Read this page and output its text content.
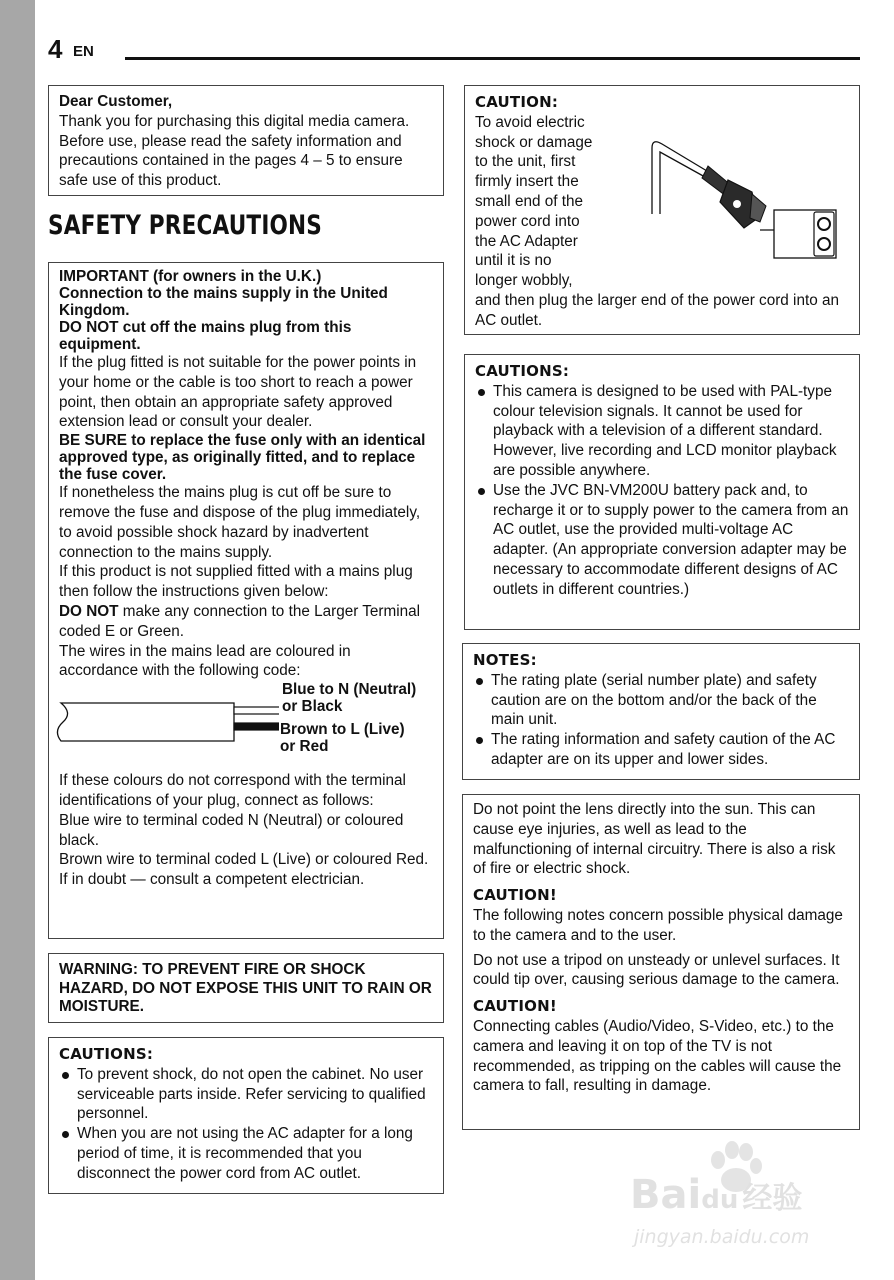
4 EN

Dear Customer,

Thank you for purchasing this digital media camera. Before use, please read the safety information and precautions contained in the pages 4 – 5 to ensure safe use of this product.

SAFETY PRECAUTIONS

IMPORTANT (for owners in the U.K.)

Connection to the mains supply in the United Kingdom.

DO NOT cut off the mains plug from this equipment.

If the plug fitted is not suitable for the power points in your home or the cable is too short to reach a power point, then obtain an appropriate safety approved extension lead or consult your dealer.

BE SURE to replace the fuse only with an identical approved type, as originally fitted, and to replace the fuse cover.

If nonetheless the mains plug is cut off be sure to remove the fuse and dispose of the plug immediately, to avoid possible shock hazard by inadvertent connection to the mains supply.

If this product is not supplied fitted with a mains plug then follow the instructions given below:

DO NOT make any connection to the Larger Terminal coded E or Green.

The wires in the mains lead are coloured in accordance with the following code:

Blue to N (Neutral)
or Black
Brown to L (Live)
or Red

If these colours do not correspond with the terminal identifications of your plug, connect as follows:

Blue wire to terminal coded N (Neutral) or coloured black.

Brown wire to terminal coded L (Live) or coloured Red.

If in doubt — consult a competent electrician.

WARNING: TO PREVENT FIRE OR SHOCK HAZARD, DO NOT EXPOSE THIS UNIT TO RAIN OR MOISTURE.

CAUTIONS:

To prevent shock, do not open the cabinet. No user serviceable parts inside. Refer servicing to qualified personnel.
When you are not using the AC adapter for a long period of time, it is recommended that you disconnect the power cord from AC outlet.

CAUTION:

To avoid electric
shock or damage
to the unit, first
firmly insert the
small end of the
power cord into
the AC Adapter
until it is no
longer wobbly,

and then plug the larger end of the power cord into an AC outlet.

CAUTIONS:

This camera is designed to be used with PAL-type colour television signals. It cannot be used for playback with a television of a different standard. However, live recording and LCD monitor playback are possible anywhere.
Use the JVC BN-VM200U battery pack and, to recharge it or to supply power to the camera from an AC outlet, use the provided multi-voltage AC adapter. (An appropriate conversion adapter may be necessary to accommodate different designs of AC outlets in different countries.)

NOTES:

The rating plate (serial number plate) and safety caution are on the bottom and/or the back of the main unit.
The rating information and safety caution of the AC adapter are on its upper and lower sides.

Do not point the lens directly into the sun. This can cause eye injuries, as well as lead to the malfunctioning of internal circuitry. There is also a risk of fire or electric shock.

CAUTION!

The following notes concern possible physical damage to the camera and to the user.

Do not use a tripod on unsteady or unlevel surfaces. It could tip over, causing serious damage to the camera.

CAUTION!

Connecting cables (Audio/Video, S-Video, etc.) to the camera and leaving it on top of the TV is not recommended, as tripping on the cables will cause the camera to fall, resulting in damage.

Baidu 经验
jingyan.baidu.com
